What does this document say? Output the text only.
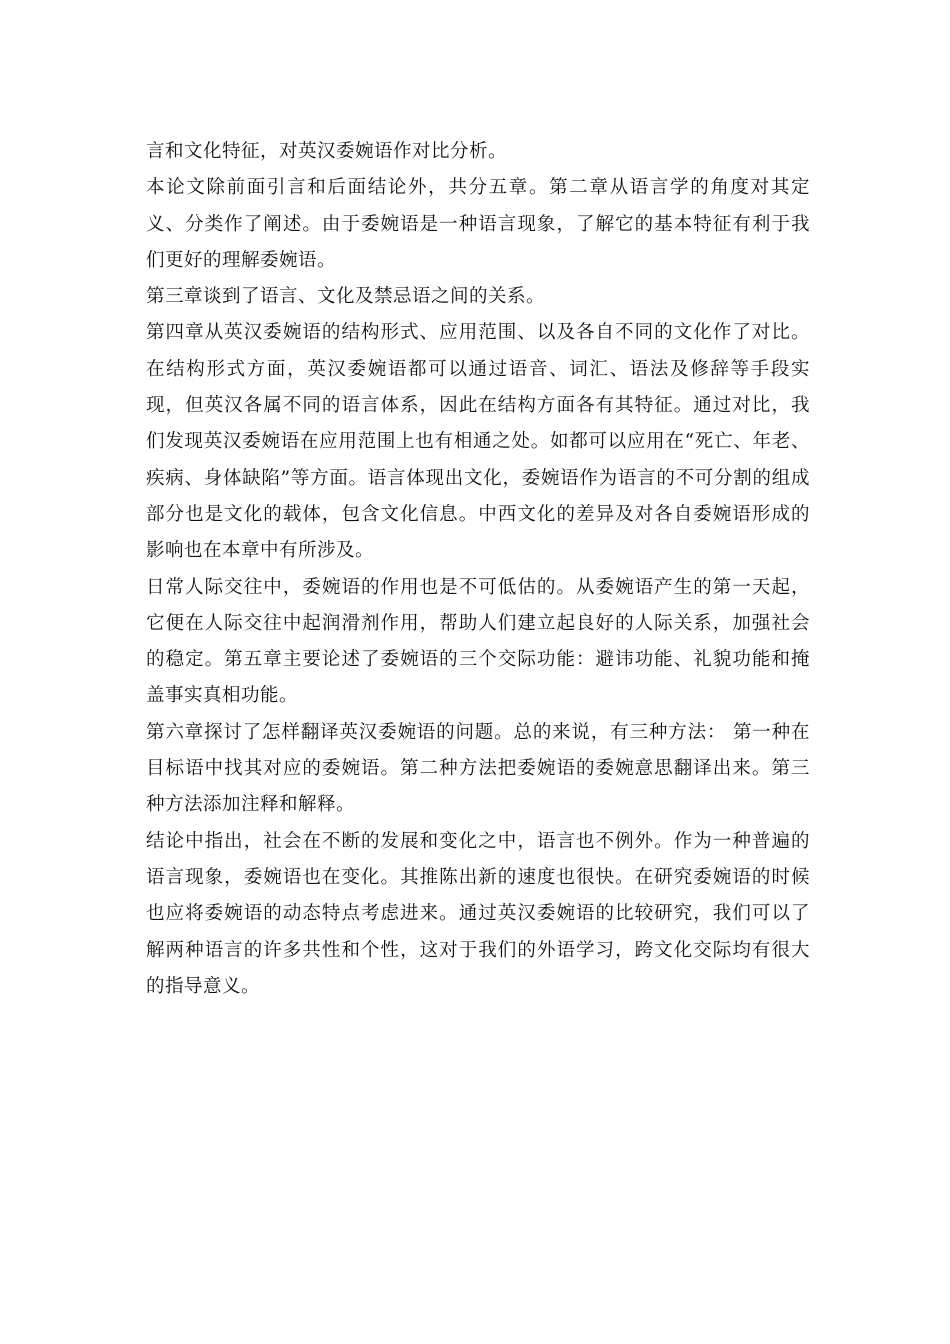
言和文化特征，对英汉委婉语作对比分析。

本论文除前面引言和后面结论外，共分五章。第二章从语言学的角度对其定义、分类作了阐述。由于委婉语是一种语言现象，了解它的基本特征有利于我们更好的理解委婉语。

第三章谈到了语言、文化及禁忌语之间的关系。

第四章从英汉委婉语的结构形式、应用范围、以及各自不同的文化作了对比。在结构形式方面，英汉委婉语都可以通过语音、词汇、语法及修辞等手段实现，但英汉各属不同的语言体系，因此在结构方面各有其特征。通过对比，我们发现英汉委婉语在应用范围上也有相通之处。如都可以应用在“死亡、年老、疾病、身体缺陷”等方面。语言体现出文化，委婉语作为语言的不可分割的组成部分也是文化的载体，包含文化信息。中西文化的差异及对各自委婉语形成的影响也在本章中有所涉及。

日常人际交往中，委婉语的作用也是不可低估的。从委婉语产生的第一天起，它便在人际交往中起润滑剂作用，帮助人们建立起良好的人际关系，加强社会的稳定。第五章主要论述了委婉语的三个交际功能：避讳功能、礼貌功能和掩盖事实真相功能。

第六章探讨了怎样翻译英汉委婉语的问题。总的来说，有三种方法： 第一种在目标语中找其对应的委婉语。第二种方法把委婉语的委婉意思翻译出来。第三种方法添加注释和解释。

结论中指出，社会在不断的发展和变化之中，语言也不例外。作为一种普遍的语言现象，委婉语也在变化。其推陈出新的速度也很快。在研究委婉语的时候也应将委婉语的动态特点考虑进来。通过英汉委婉语的比较研究，我们可以了解两种语言的许多共性和个性，这对于我们的外语学习，跨文化交际均有很大的指导意义。
